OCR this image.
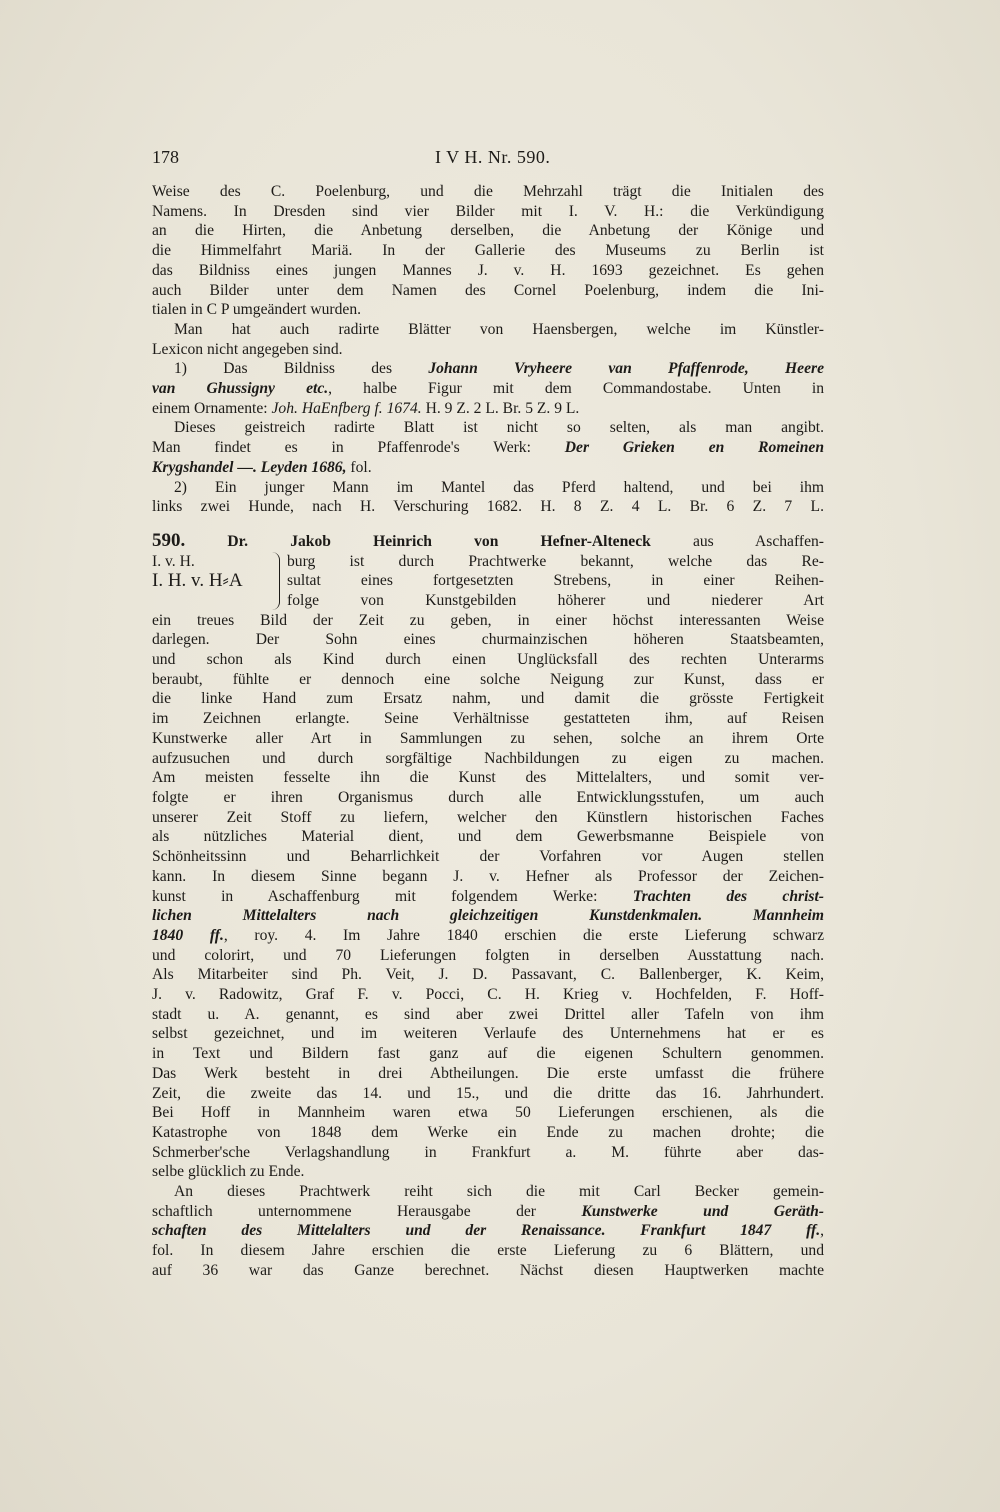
178	I V H. Nr. 590.

Weise des C. Poelenburg, und die Mehrzahl trägt die Initialen des
Namens. In Dresden sind vier Bilder mit I. V. H.: die Verkündigung
an die Hirten, die Anbetung derselben, die Anbetung der Könige und
die Himmelfahrt Mariä. In der Gallerie des Museums zu Berlin ist
das Bildniss eines jungen Mannes J. v. H. 1693 gezeichnet. Es gehen
auch Bilder unter dem Namen des Cornel Poelenburg, indem die Ini-
tialen in C P umgeändert wurden.

Man hat auch radirte Blätter von Haensbergen, welche im Künstler-
Lexicon nicht angegeben sind.

1) Das Bildniss des Johann Vryheere van Pfaffenrode, Heere
van Ghussigny etc., halbe Figur mit dem Commandostabe. Unten in
einem Ornamente: Joh. HaEnfberg f. 1674. H. 9 Z. 2 L. Br. 5 Z. 9 L.

Dieses geistreich radirte Blatt ist nicht so selten, als man angibt.
Man findet es in Pfaffenrode's Werk: Der Grieken en Romeinen
Krygshandel —. Leyden 1686, fol.

2) Ein junger Mann im Mantel das Pferd haltend, und bei ihm
links zwei Hunde, nach H. Verschuring 1682. H. 8 Z. 4 L. Br. 6 Z. 7 L.

590.	Dr. Jakob Heinrich von Hefner-Alteneck aus Aschaffen-
I. v. H.
I. H. v. H⸗A
burg ist durch Prachtwerke bekannt, welche das Re-
sultat eines fortgesetzten Strebens, in einer Reihen-
folge von Kunstgebilden höherer und niederer Art

ein treues Bild der Zeit zu geben, in einer höchst interessanten Weise
darlegen. Der Sohn eines churmainzischen höheren Staatsbeamten,
und schon als Kind durch einen Unglücksfall des rechten Unterarms
beraubt, fühlte er dennoch eine solche Neigung zur Kunst, dass er
die linke Hand zum Ersatz nahm, und damit die grösste Fertigkeit
im Zeichnen erlangte. Seine Verhältnisse gestatteten ihm, auf Reisen
Kunstwerke aller Art in Sammlungen zu sehen, solche an ihrem Orte
aufzusuchen und durch sorgfältige Nachbildungen zu eigen zu machen.
Am meisten fesselte ihn die Kunst des Mittelalters, und somit ver-
folgte er ihren Organismus durch alle Entwicklungsstufen, um auch
unserer Zeit Stoff zu liefern, welcher den Künstlern historischen Faches
als nützliches Material dient, und dem Gewerbsmanne Beispiele von
Schönheitssinn und Beharrlichkeit der Vorfahren vor Augen stellen
kann. In diesem Sinne begann J. v. Hefner als Professor der Zeichen-
kunst in Aschaffenburg mit folgendem Werke: Trachten des christ-
lichen Mittelalters nach gleichzeitigen Kunstdenkmalen. Mannheim
1840 ff., roy. 4. Im Jahre 1840 erschien die erste Lieferung schwarz
und colorirt, und 70 Lieferungen folgten in derselben Ausstattung nach.
Als Mitarbeiter sind Ph. Veit, J. D. Passavant, C. Ballenberger, K. Keim,
J. v. Radowitz, Graf F. v. Pocci, C. H. Krieg v. Hochfelden, F. Hoff-
stadt u. A. genannt, es sind aber zwei Drittel aller Tafeln von ihm
selbst gezeichnet, und im weiteren Verlaufe des Unternehmens hat er es
in Text und Bildern fast ganz auf die eigenen Schultern genommen.
Das Werk besteht in drei Abtheilungen. Die erste umfasst die frühere
Zeit, die zweite das 14. und 15., und die dritte das 16. Jahrhundert.
Bei Hoff in Mannheim waren etwa 50 Lieferungen erschienen, als die
Katastrophe von 1848 dem Werke ein Ende zu machen drohte; die
Schmerber'sche Verlagshandlung in Frankfurt a. M. führte aber das-
selbe glücklich zu Ende.

An dieses Prachtwerk reiht sich die mit Carl Becker gemein-
schaftlich unternommene Herausgabe der Kunstwerke und Geräth-
schaften des Mittelalters und der Renaissance. Frankfurt 1847 ff.,
fol. In diesem Jahre erschien die erste Lieferung zu 6 Blättern, und
auf 36 war das Ganze berechnet. Nächst diesen Hauptwerken machte
